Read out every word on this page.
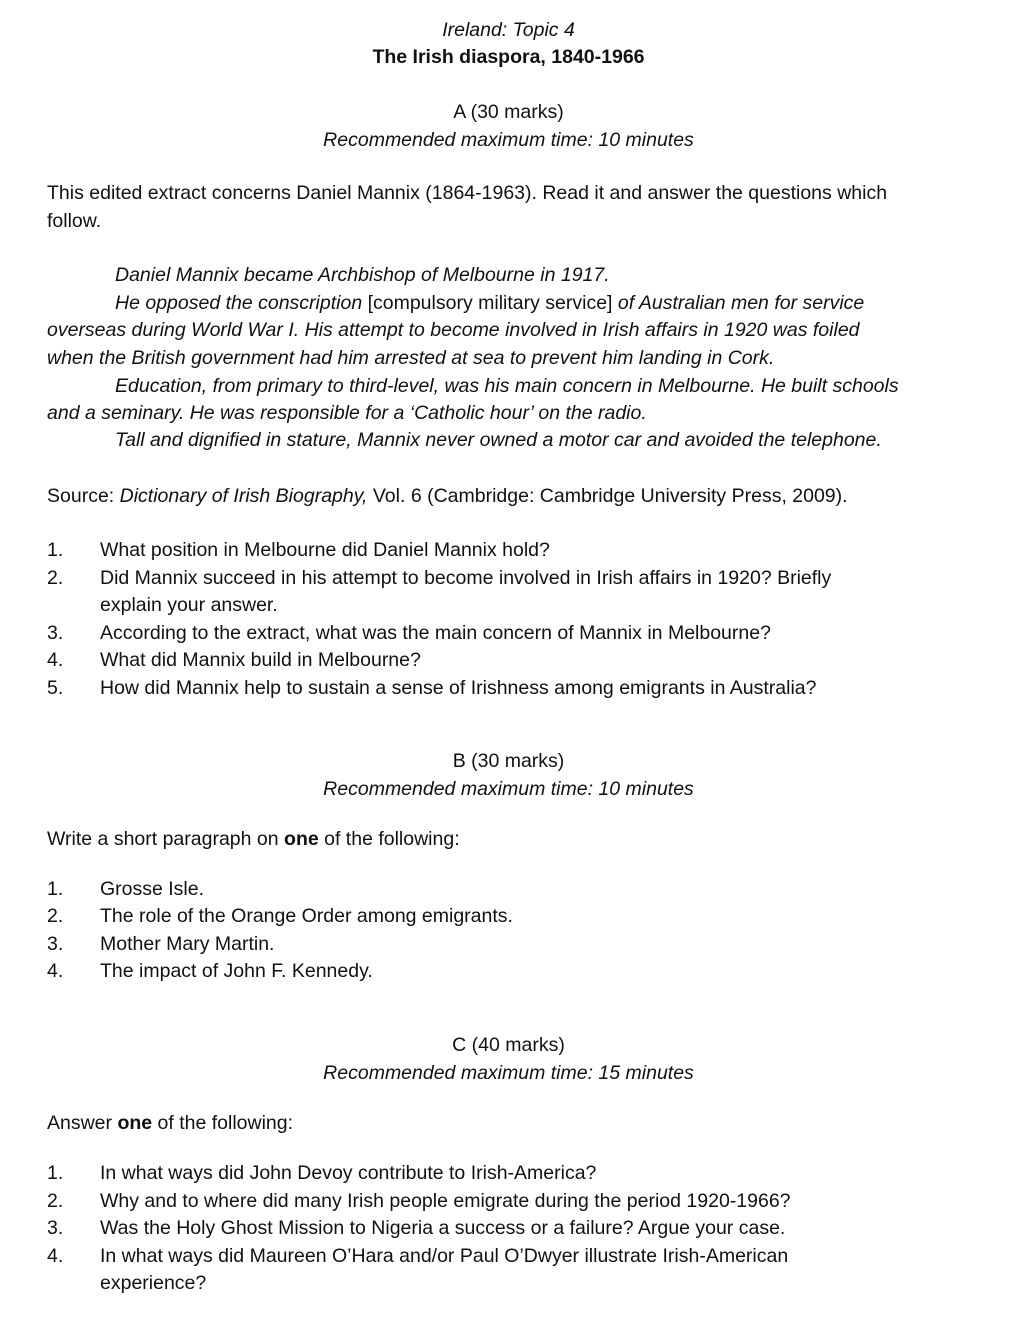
Ireland: Topic 4
The Irish diaspora, 1840-1966
A (30 marks)
Recommended maximum time: 10 minutes
This edited extract concerns Daniel Mannix (1864-1963). Read it and answer the questions which
follow.
Daniel Mannix became Archbishop of Melbourne in 1917.
He opposed the conscription [compulsory military service] of Australian men for service
overseas during World War I. His attempt to become involved in Irish affairs in 1920 was foiled
when the British government had him arrested at sea to prevent him landing in Cork.
Education, from primary to third-level, was his main concern in Melbourne. He built schools
and a seminary. He was responsible for a ‘Catholic hour’ on the radio.
Tall and dignified in stature, Mannix never owned a motor car and avoided the telephone.
Source: Dictionary of Irish Biography, Vol. 6 (Cambridge: Cambridge University Press, 2009).
1. What position in Melbourne did Daniel Mannix hold?
2. Did Mannix succeed in his attempt to become involved in Irish affairs in 1920? Briefly
explain your answer.
3. According to the extract, what was the main concern of Mannix in Melbourne?
4. What did Mannix build in Melbourne?
5. How did Mannix help to sustain a sense of Irishness among emigrants in Australia?
B (30 marks)
Recommended maximum time: 10 minutes
Write a short paragraph on one of the following:
1. Grosse Isle.
2. The role of the Orange Order among emigrants.
3. Mother Mary Martin.
4. The impact of John F. Kennedy.
C (40 marks)
Recommended maximum time: 15 minutes
Answer one of the following:
1. In what ways did John Devoy contribute to Irish-America?
2. Why and to where did many Irish people emigrate during the period 1920-1966?
3. Was the Holy Ghost Mission to Nigeria a success or a failure? Argue your case.
4. In what ways did Maureen O’Hara and/or Paul O’Dwyer illustrate Irish-American
experience?
